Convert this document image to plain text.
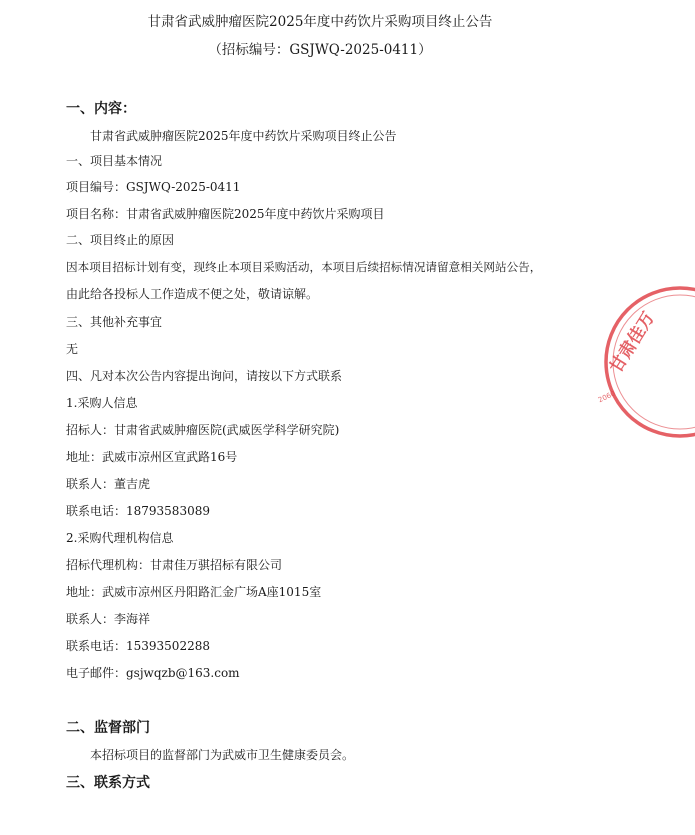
甘肃省武威肿瘤医院2025年度中药饮片采购项目终止公告
（招标编号：GSJWQ-2025-0411）
一、内容：
甘肃省武威肿瘤医院2025年度中药饮片采购项目终止公告
一、项目基本情况
项目编号：GSJWQ-2025-0411
项目名称：甘肃省武威肿瘤医院2025年度中药饮片采购项目
二、项目终止的原因
因本项目招标计划有变，现终止本项目采购活动，本项目后续招标情况请留意相关网站公告，
由此给各投标人工作造成不便之处，敬请谅解。
三、其他补充事宜
无
四、凡对本次公告内容提出询问，请按以下方式联系
1.采购人信息
招标人：甘肃省武威肿瘤医院(武威医学科学研究院)
地址：武威市凉州区宣武路16号
联系人：董吉虎
联系电话：18793583089
2.采购代理机构信息
招标代理机构：甘肃佳万骐招标有限公司
地址：武威市凉州区丹阳路汇金广场A座1015室
联系人：李海祥
联系电话：15393502288
电子邮件：gsjwqzb@163.com
二、监督部门
本招标项目的监督部门为武威市卫生健康委员会。
三、联系方式
甘肃佳万
2060
